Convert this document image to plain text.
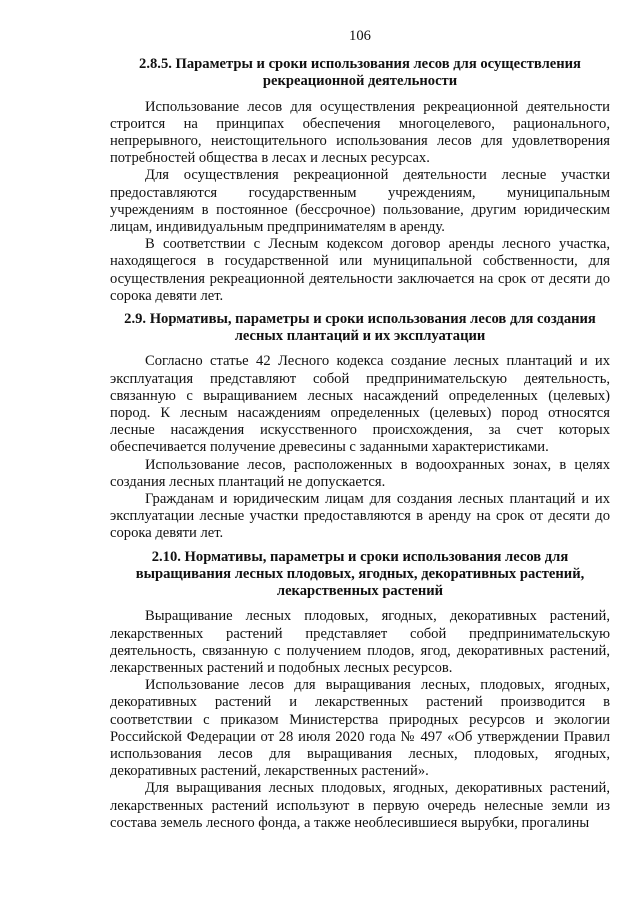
106
2.8.5. Параметры и сроки использования лесов для осуществления рекреационной деятельности

Использование лесов для осуществления рекреационной деятельности строится на принципах обеспечения многоцелевого, рационального, непрерывного, неистощительного использования лесов для удовлетворения потребностей общества в лесах и лесных ресурсах.

Для осуществления рекреационной деятельности лесные участки предоставляются государственным учреждениям, муниципальным учреждениям в постоянное (бессрочное) пользование, другим юридическим лицам, индивидуальным предпринимателям в аренду.

В соответствии с Лесным кодексом договор аренды лесного участка, находящегося в государственной или муниципальной собственности, для осуществления рекреационной деятельности заключается на срок от десяти до сорока девяти лет.

2.9. Нормативы, параметры и сроки использования лесов для создания лесных плантаций и их эксплуатации

Согласно статье 42 Лесного кодекса создание лесных плантаций и их эксплуатация представляют собой предпринимательскую деятельность, связанную с выращиванием лесных насаждений определенных (целевых) пород. К лесным насаждениям определенных (целевых) пород относятся лесные насаждения искусственного происхождения, за счет которых обеспечивается получение древесины с заданными характеристиками.

Использование лесов, расположенных в водоохранных зонах, в целях создания лесных плантаций не допускается.

Гражданам и юридическим лицам для создания лесных плантаций и их эксплуатации лесные участки предоставляются в аренду на срок от десяти до сорока девяти лет.

2.10. Нормативы, параметры и сроки использования лесов для выращивания лесных плодовых, ягодных, декоративных растений, лекарственных растений

Выращивание лесных плодовых, ягодных, декоративных растений, лекарственных растений представляет собой предпринимательскую деятельность, связанную с получением плодов, ягод, декоративных растений, лекарственных растений и подобных лесных ресурсов.

Использование лесов для выращивания лесных, плодовых, ягодных, декоративных растений и лекарственных растений производится в соответствии с приказом Министерства природных ресурсов и экологии Российской Федерации от 28 июля 2020 года № 497 «Об утверждении Правил использования лесов для выращивания лесных, плодовых, ягодных, декоративных растений, лекарственных растений».

Для выращивания лесных плодовых, ягодных, декоративных растений, лекарственных растений используют в первую очередь нелесные земли из состава земель лесного фонда, а также необлесившиеся вырубки, прогалины
